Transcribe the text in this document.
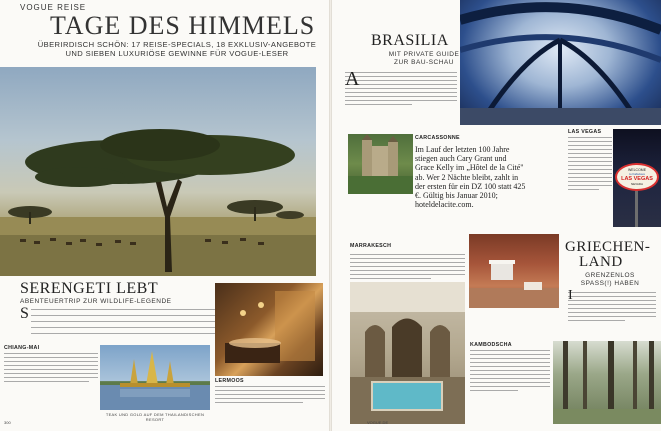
VOGUE REISE
TAGE DES HIMMELS
ÜBERIRDISCH SCHÖN: 17 REISE-SPECIALS, 18 EXKLUSIV-ANGEBOTE UND SIEBEN LUXURIÖSE GEWINNE FÜR VOGUE-LESER
SERENGETI LEBT
ABENTEUERTRIP ZUR WILDLIFE-LEGENDE
S
CHIANG-MAI
TEAK UND GOLD AUF DEM THAILANDISCHEN RESORT
LERMOOS
300
BRASILIA
MIT PRIVATE GUIDE ZUR BAU-SCHAU
A
CARCASSONNE
Im Lauf der letzten 100 Jahre stiegen auch Cary Grant und Grace Kelly im „Hôtel de la Cité" ab. Wer 2 Nächte bleibt, zahlt in der ersten für ein DZ 100 statt 425 €. Gültig bis Januar 2010; hoteldelacite.com.
LAS VEGAS
WELCOME
to Fabulous
LAS VEGAS
NEVADA
MARRAKESCH	GRIECHEN-
LAND
GRENZENLOS SPASS(!) HABEN
I
KAMBODSCHA
VOGUE.DE
